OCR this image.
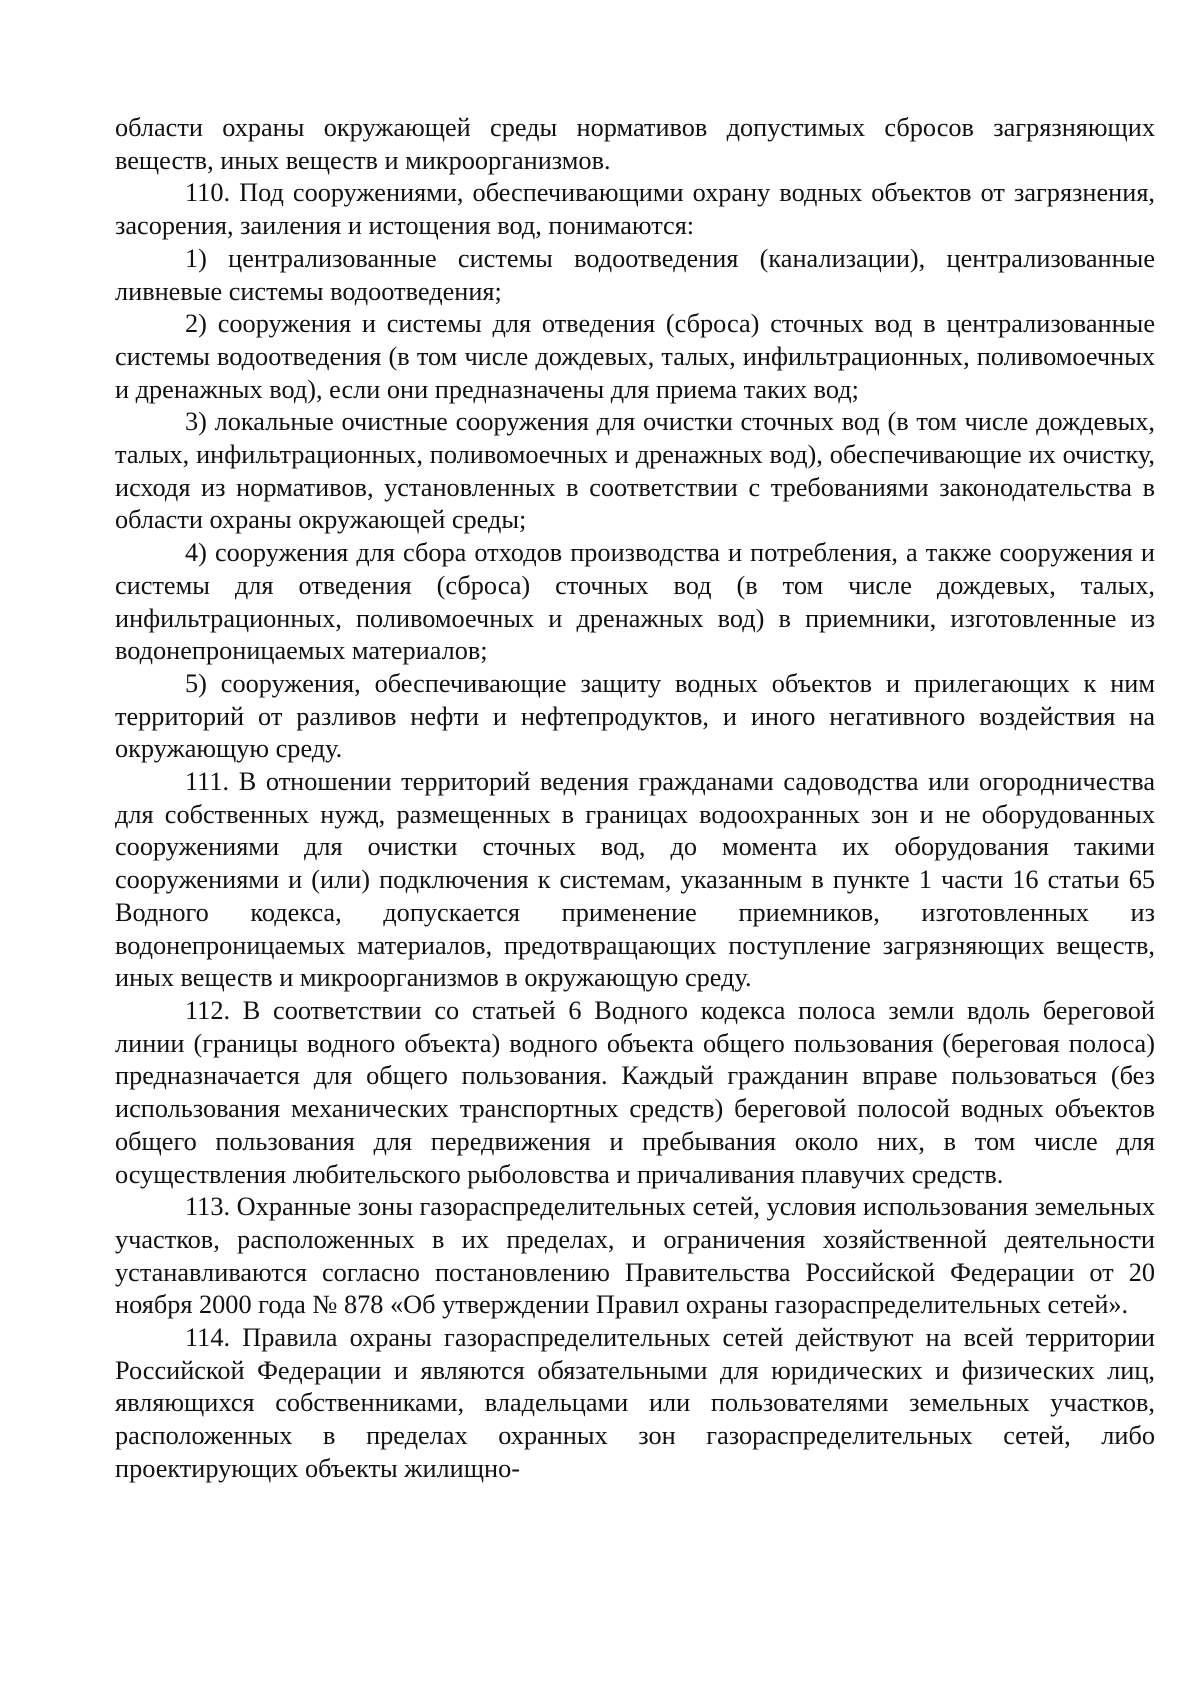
области охраны окружающей среды нормативов допустимых сбросов загрязняющих веществ, иных веществ и микроорганизмов.

110. Под сооружениями, обеспечивающими охрану водных объектов от загрязнения, засорения, заиления и истощения вод, понимаются:

1) централизованные системы водоотведения (канализации), централизованные ливневые системы водоотведения;

2) сооружения и системы для отведения (сброса) сточных вод в централизованные системы водоотведения (в том числе дождевых, талых, инфильтрационных, поливомоечных и дренажных вод), если они предназначены для приема таких вод;

3) локальные очистные сооружения для очистки сточных вод (в том числе дождевых, талых, инфильтрационных, поливомоечных и дренажных вод), обеспечивающие их очистку, исходя из нормативов, установленных в соответствии с требованиями законодательства в области охраны окружающей среды;

4) сооружения для сбора отходов производства и потребления, а также сооружения и системы для отведения (сброса) сточных вод (в том числе дождевых, талых, инфильтрационных, поливомоечных и дренажных вод) в приемники, изготовленные из водонепроницаемых материалов;

5) сооружения, обеспечивающие защиту водных объектов и прилегающих к ним территорий от разливов нефти и нефтепродуктов, и иного негативного воздействия на окружающую среду.

111. В отношении территорий ведения гражданами садоводства или огородничества для собственных нужд, размещенных в границах водоохранных зон и не оборудованных сооружениями для очистки сточных вод, до момента их оборудования такими сооружениями и (или) подключения к системам, указанным в пункте 1 части 16 статьи 65 Водного кодекса, допускается применение приемников, изготовленных из водонепроницаемых материалов, предотвращающих поступление загрязняющих веществ, иных веществ и микроорганизмов в окружающую среду.

112. В соответствии со статьей 6 Водного кодекса полоса земли вдоль береговой линии (границы водного объекта) водного объекта общего пользования (береговая полоса) предназначается для общего пользования. Каждый гражданин вправе пользоваться (без использования механических транспортных средств) береговой полосой водных объектов общего пользования для передвижения и пребывания около них, в том числе для осуществления любительского рыболовства и причаливания плавучих средств.

113. Охранные зоны газораспределительных сетей, условия использования земельных участков, расположенных в их пределах, и ограничения хозяйственной деятельности устанавливаются согласно постановлению Правительства Российской Федерации от 20 ноября 2000 года № 878 «Об утверждении Правил охраны газораспределительных сетей».

114. Правила охраны газораспределительных сетей действуют на всей территории Российской Федерации и являются обязательными для юридических и физических лиц, являющихся собственниками, владельцами или пользователями земельных участков, расположенных в пределах охранных зон газораспределительных сетей, либо проектирующих объекты жилищно-
